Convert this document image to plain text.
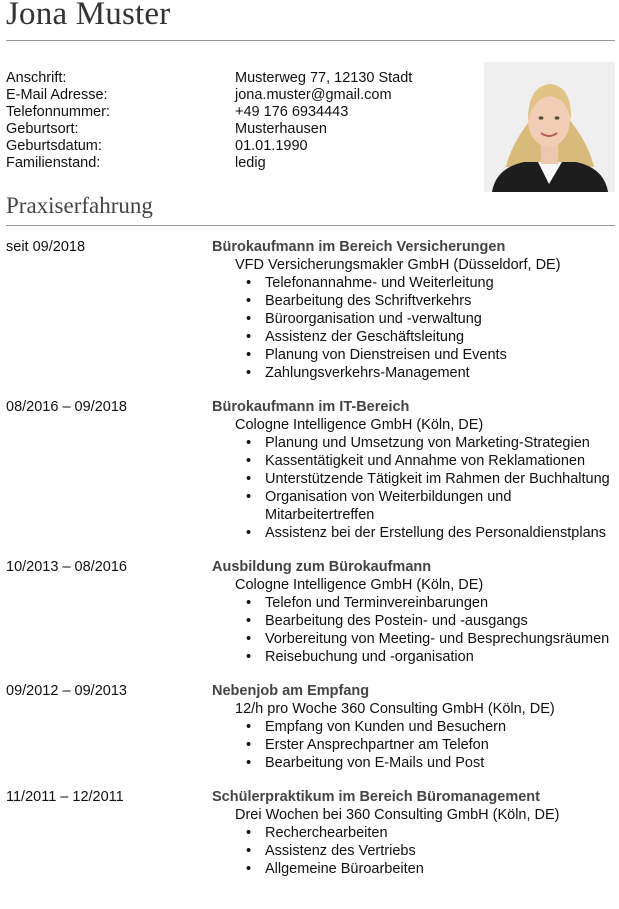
Jona Muster
Anschrift:	Musterweg 77, 12130 Stadt
E-Mail Adresse:	jona.muster@gmail.com
Telefonnummer:	+49 176 6934443
Geburtsort:	Musterhausen
Geburtsdatum:	01.01.1990
Familienstand:	ledig
Praxiserfahrung
seit 09/2018	Bürokaufmann im Bereich Versicherungen
VFD Versicherungsmakler GmbH (Düsseldorf, DE)
• Telefonannahme- und Weiterleitung
• Bearbeitung des Schriftverkehrs
• Büroorganisation und -verwaltung
• Assistenz der Geschäftsleitung
• Planung von Dienstreisen und Events
• Zahlungsverkehrs-Management
08/2016 – 09/2018	Bürokaufmann im IT-Bereich
Cologne Intelligence GmbH (Köln, DE)
• Planung und Umsetzung von Marketing-Strategien
• Kassentätigkeit und Annahme von Reklamationen
• Unterstützende Tätigkeit im Rahmen der Buchhaltung
• Organisation von Weiterbildungen und Mitarbeitertreffen
• Assistenz bei der Erstellung des Personaldienstplans
10/2013 – 08/2016	Ausbildung zum Bürokaufmann
Cologne Intelligence GmbH (Köln, DE)
• Telefon und Terminvereinbarungen
• Bearbeitung des Postein- und -ausgangs
• Vorbereitung von Meeting- und Besprechungsräumen
• Reisebuchung und -organisation
09/2012 – 09/2013	Nebenjob am Empfang
12/h pro Woche 360 Consulting GmbH (Köln, DE)
• Empfang von Kunden und Besuchern
• Erster Ansprechpartner am Telefon
• Bearbeitung von E-Mails und Post
11/2011 – 12/2011	Schülerpraktikum im Bereich Büromanagement
Drei Wochen bei 360 Consulting GmbH (Köln, DE)
• Recherchearbeiten
• Assistenz des Vertriebs
• Allgemeine Büroarbeiten
